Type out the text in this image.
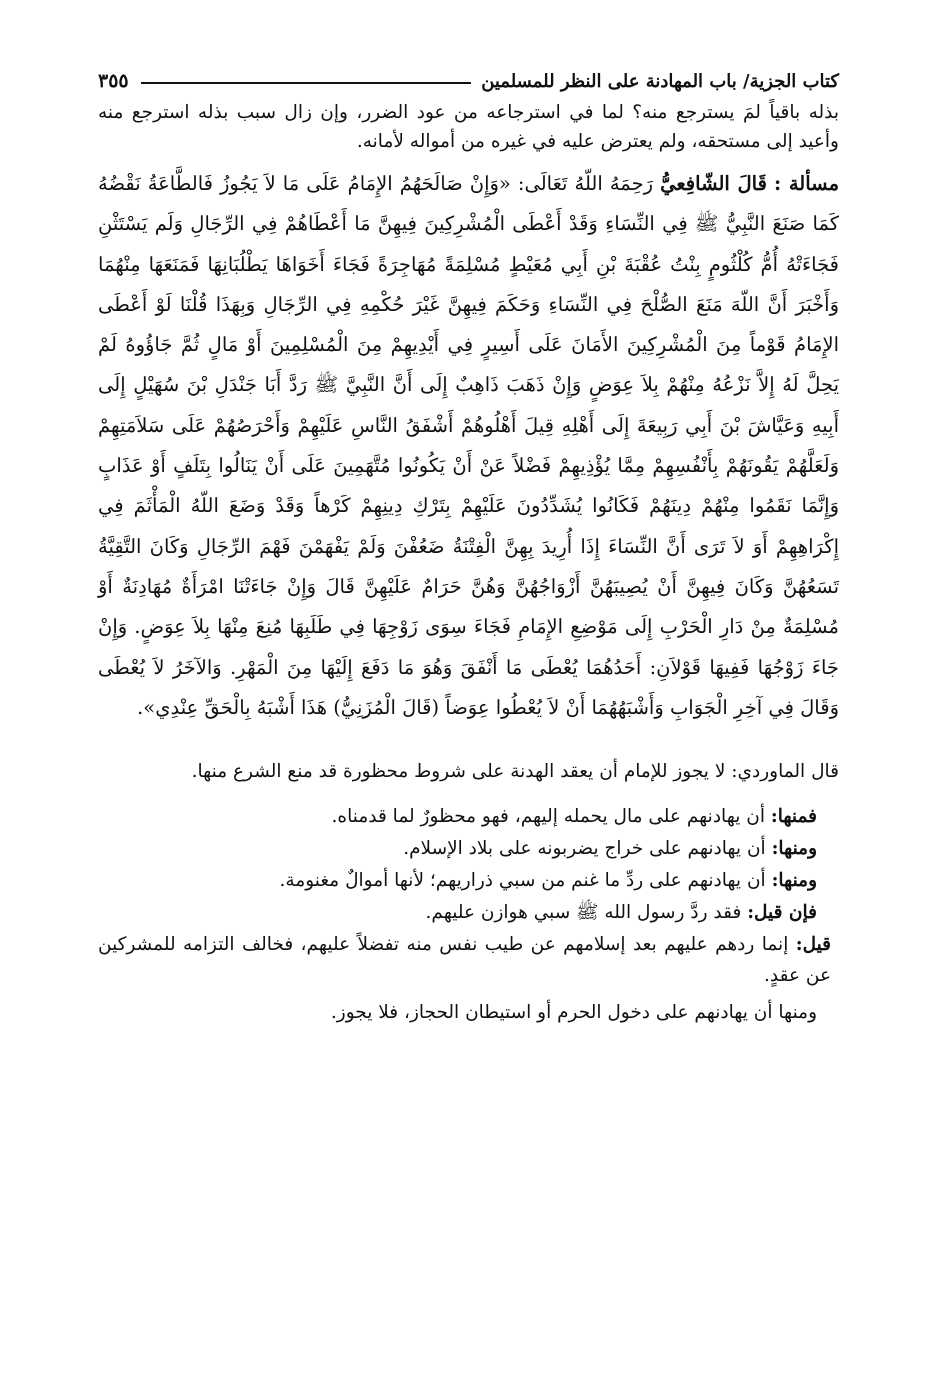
كتاب الجزية/ باب المهادنة على النظر للمسلمين
٣٥٥

بذله باقياً لمَ يسترجع منه؟ لما في استرجاعه من عود الضرر، وإن زال سبب بذله استرجع منه وأعيد إلى مستحقه، ولم يعترض عليه في غيره من أمواله لأمانه.

مسألة : قَالَ الشّافِعيُّ رَحِمَهُ اللّهُ تَعَالَى: «وَإِنْ صَالَحَهُمُ الإِمَامُ عَلَى مَا لاَ يَجُوزُ فَالطَّاعَةُ نَقْضُهُ كَمَا صَنَعَ النَّبِيُّ ﷺ فِي النِّسَاءِ وَقَدْ أَعْطَى الْمُشْرِكِينَ فِيهِنَّ مَا أَعْطَاهُمْ فِي الرِّجَالِ وَلَم يَسْتَثْنِ فَجَاءَتْهُ أُمُّ كُلْثُومٍ بِنْتُ عُقْبَةَ بْنِ أَبِي مُعَيْطٍ مُسْلِمَةً مُهَاجِرَةً فَجَاءَ أَخَوَاهَا يَطْلُبَانِهَا فَمَنَعَهَا مِنْهُمَا وَأَخْبَرَ أَنَّ اللّهَ مَنَعَ الصُّلْحَ فِي النِّسَاءِ وَحَكَمَ فِيهِنَّ غَيْرَ حُكْمِهِ فِي الرِّجَالِ وَبِهَذَا قُلْنَا لَوْ أَعْطَى الإِمَامُ قَوْماً مِنَ الْمُشْرِكِينَ الأَمَانَ عَلَى أَسِيرٍ فِي أَيْدِيهِمْ مِنَ الْمُسْلِمِينَ أَوْ مَالٍ ثُمَّ جَاؤُوهُ لَمْ يَحِلَّ لَهُ إِلاَّ نَزْعُهُ مِنْهُمْ بِلاَ عِوَضٍ وَإِنْ ذَهَبَ ذَاهِبٌ إِلَى أَنَّ النَّبِيَّ ﷺ رَدَّ أَبَا جَنْدَلِ بْنَ سُهَيْلٍ إِلَى أَبِيهِ وَعَيَّاشَ بْنَ أَبِي رَبِيعَةَ إِلَى أَهْلِهِ قِيلَ أَهْلُوهُمْ أَشْفَقُ النَّاسِ عَلَيْهِمْ وَأَحْرَصُهُمْ عَلَى سَلاَمَتِهِمْ وَلَعَلَّهُمْ يَقُونَهُمْ بِأَنْفُسِهِمْ مِمَّا يُؤْذِيهِمْ فَضْلاً عَنْ أَنْ يَكُونُوا مُتَّهَمِينَ عَلَى أَنْ يَنَالُوا بِتَلَفٍ أَوْ عَذَابٍ وَإِنَّمَا نَقَمُوا مِنْهُمْ دِينَهُمْ فَكَانُوا يُشَدِّدُونَ عَلَيْهِمْ بِتَرْكِ دِينِهِمْ كَرْهاً وَقَدْ وَضَعَ اللّهُ الْمَأْثَمَ فِي إِكْرَاهِهِمْ أَوَ لاَ تَرَى أَنَّ النِّسَاءَ إِذَا أُرِيدَ بِهِنَّ الْفِتْنَةُ ضَعُفْنَ وَلَمْ يَفْهَمْنَ فَهْمَ الرِّجَالِ وَكَانَ التَّقِيَّةُ تَسَعُهُنَّ وَكَانَ فِيهِنَّ أَنْ يُصِيبَهُنَّ أَزْوَاجُهُنَّ وَهُنَّ حَرَامٌ عَلَيْهِنَّ قَالَ وَإِنْ جَاءَتْنَا امْرَأَةٌ مُهَادِنَةٌ أَوْ مُسْلِمَةٌ مِنْ دَارِ الْحَرْبِ إِلَى مَوْضِعِ الإِمَامِ فَجَاءَ سِوَى زَوْجِهَا فِي طَلَبِهَا مُنِعَ مِنْهَا بِلاَ عِوَضٍ. وَإِنْ جَاءَ زَوْجُهَا فَفِيهَا قَوْلاَنِ: أَحَدُهُمَا يُعْطَى مَا أَنْفَقَ وَهُوَ مَا دَفَعَ إِلَيْهَا مِنَ الْمَهْرِ. وَالآخَرُ لاَ يُعْطَى وَقَالَ فِي آخِرِ الْجَوَابِ وَأَشْبَهُهُمَا أَنْ لاَ يُعْطُوا عِوَضاً (قَالَ الْمُزَنِيُّ) هَذَا أَشْبَهُ بِالْحَقِّ عِنْدِي».

قال الماوردي: لا يجوز للإمام أن يعقد الهدنة على شروط محظورة قد منع الشرع منها.

فمنها: أن يهادنهم على مال يحمله إليهم، فهو محظورٌ لما قدمناه.

ومنها: أن يهادنهم على خراج يضربونه على بلاد الإسلام.

ومنها: أن يهادنهم على ردِّ ما غنم من سبي ذراريهم؛ لأنها أموالٌ مغنومة.

فإن قيل: فقد ردَّ رسول الله ﷺ سبي هوازن عليهم.

قيل: إنما ردهم عليهم بعد إسلامهم عن طيب نفس منه تفضلاً عليهم، فخالف التزامه للمشركين عن عقدٍ.

ومنها أن يهادنهم على دخول الحرم أو استيطان الحجاز، فلا يجوز.
